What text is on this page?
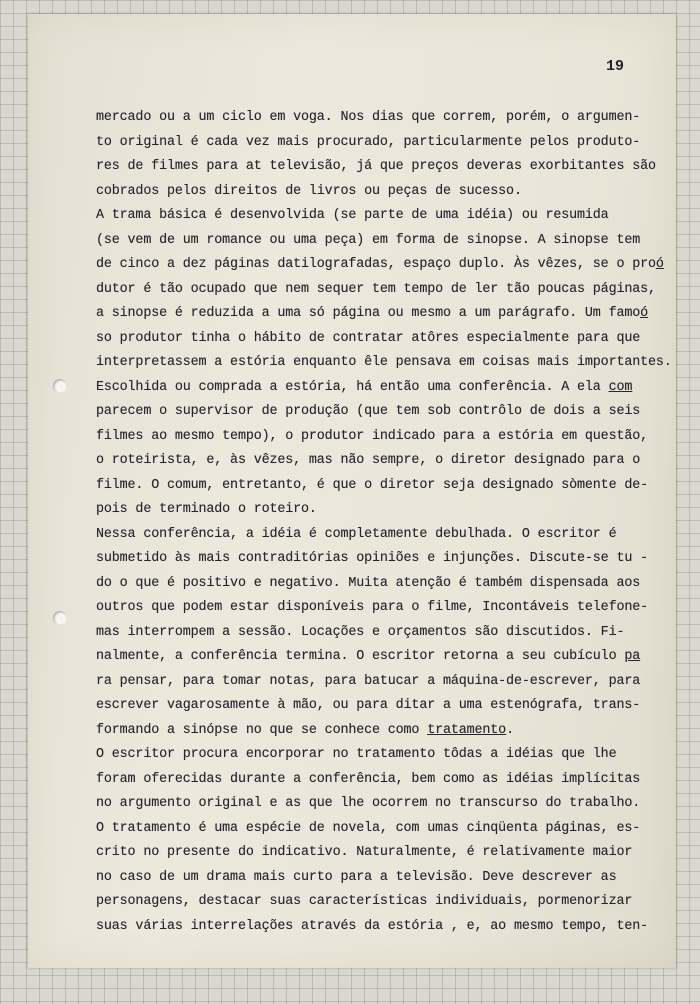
19
mercado ou a um ciclo em voga. Nos dias que correm, porém, o argumen-
to original é cada vez mais procurado, particularmente pelos produto-
res de filmes para at televisão, já que preços deveras exorbitantes são
cobrados pelos direitos de livros ou peças de sucesso.
A trama básica é desenvolvida (se parte de uma idéia) ou resumida
(se vem de um romance ou uma peça) em forma de sinopse. A sinopse tem
de cinco a dez páginas datilografadas, espaço duplo. Às vêzes, se o proó
dutor é tão ocupado que nem sequer tem tempo de ler tão poucas páginas,
a sinopse é reduzida a uma só página ou mesmo a um parágrafo. Um famoó
so produtor tinha o hábito de contratar atôres especialmente para que
interpretassem a estória enquanto êle pensava em coisas mais importantes.
Escolhida ou comprada a estória, há então uma conferência. A ela com
parecem o supervisor de produção (que tem sob contrôlo de dois a seis
filmes ao mesmo tempo), o produtor indicado para a estória em questão,
o roteirista, e, às vêzes, mas não sempre, o diretor designado para o
filme. O comum, entretanto, é que o diretor seja designado sòmente de-
pois de terminado o roteiro.
Nessa conferência, a idéia é completamente debulhada. O escritor é
submetido às mais contraditórias opiniões e injunções. Discute-se tu -
do o que é positivo e negativo. Muita atenção é também dispensada aos
outros que podem estar disponíveis para o filme, Incontáveis telefone-
mas interrompem a sessão. Locações e orçamentos são discutidos. Fi-
nalmente, a conferência termina. O escritor retorna a seu cubículo pa
ra pensar, para tomar notas, para batucar a máquina-de-escrever, para
escrever vagarosamente à mão, ou para ditar a uma estenógrafa, trans-
formando a sinópse no que se conhece como tratamento.
O escritor procura encorporar no tratamento tôdas a idéias que lhe
foram oferecidas durante a conferência, bem como as idéias implícitas
no argumento original e as que lhe ocorrem no transcurso do trabalho.
O tratamento é uma espécie de novela, com umas cinqüenta páginas, es-
crito no presente do indicativo. Naturalmente, é relativamente maior
no caso de um drama mais curto para a televisão. Deve descrever as
personagens, destacar suas características individuais, pormenorizar
suas várias interrelações através da estória , e, ao mesmo tempo, ten-
